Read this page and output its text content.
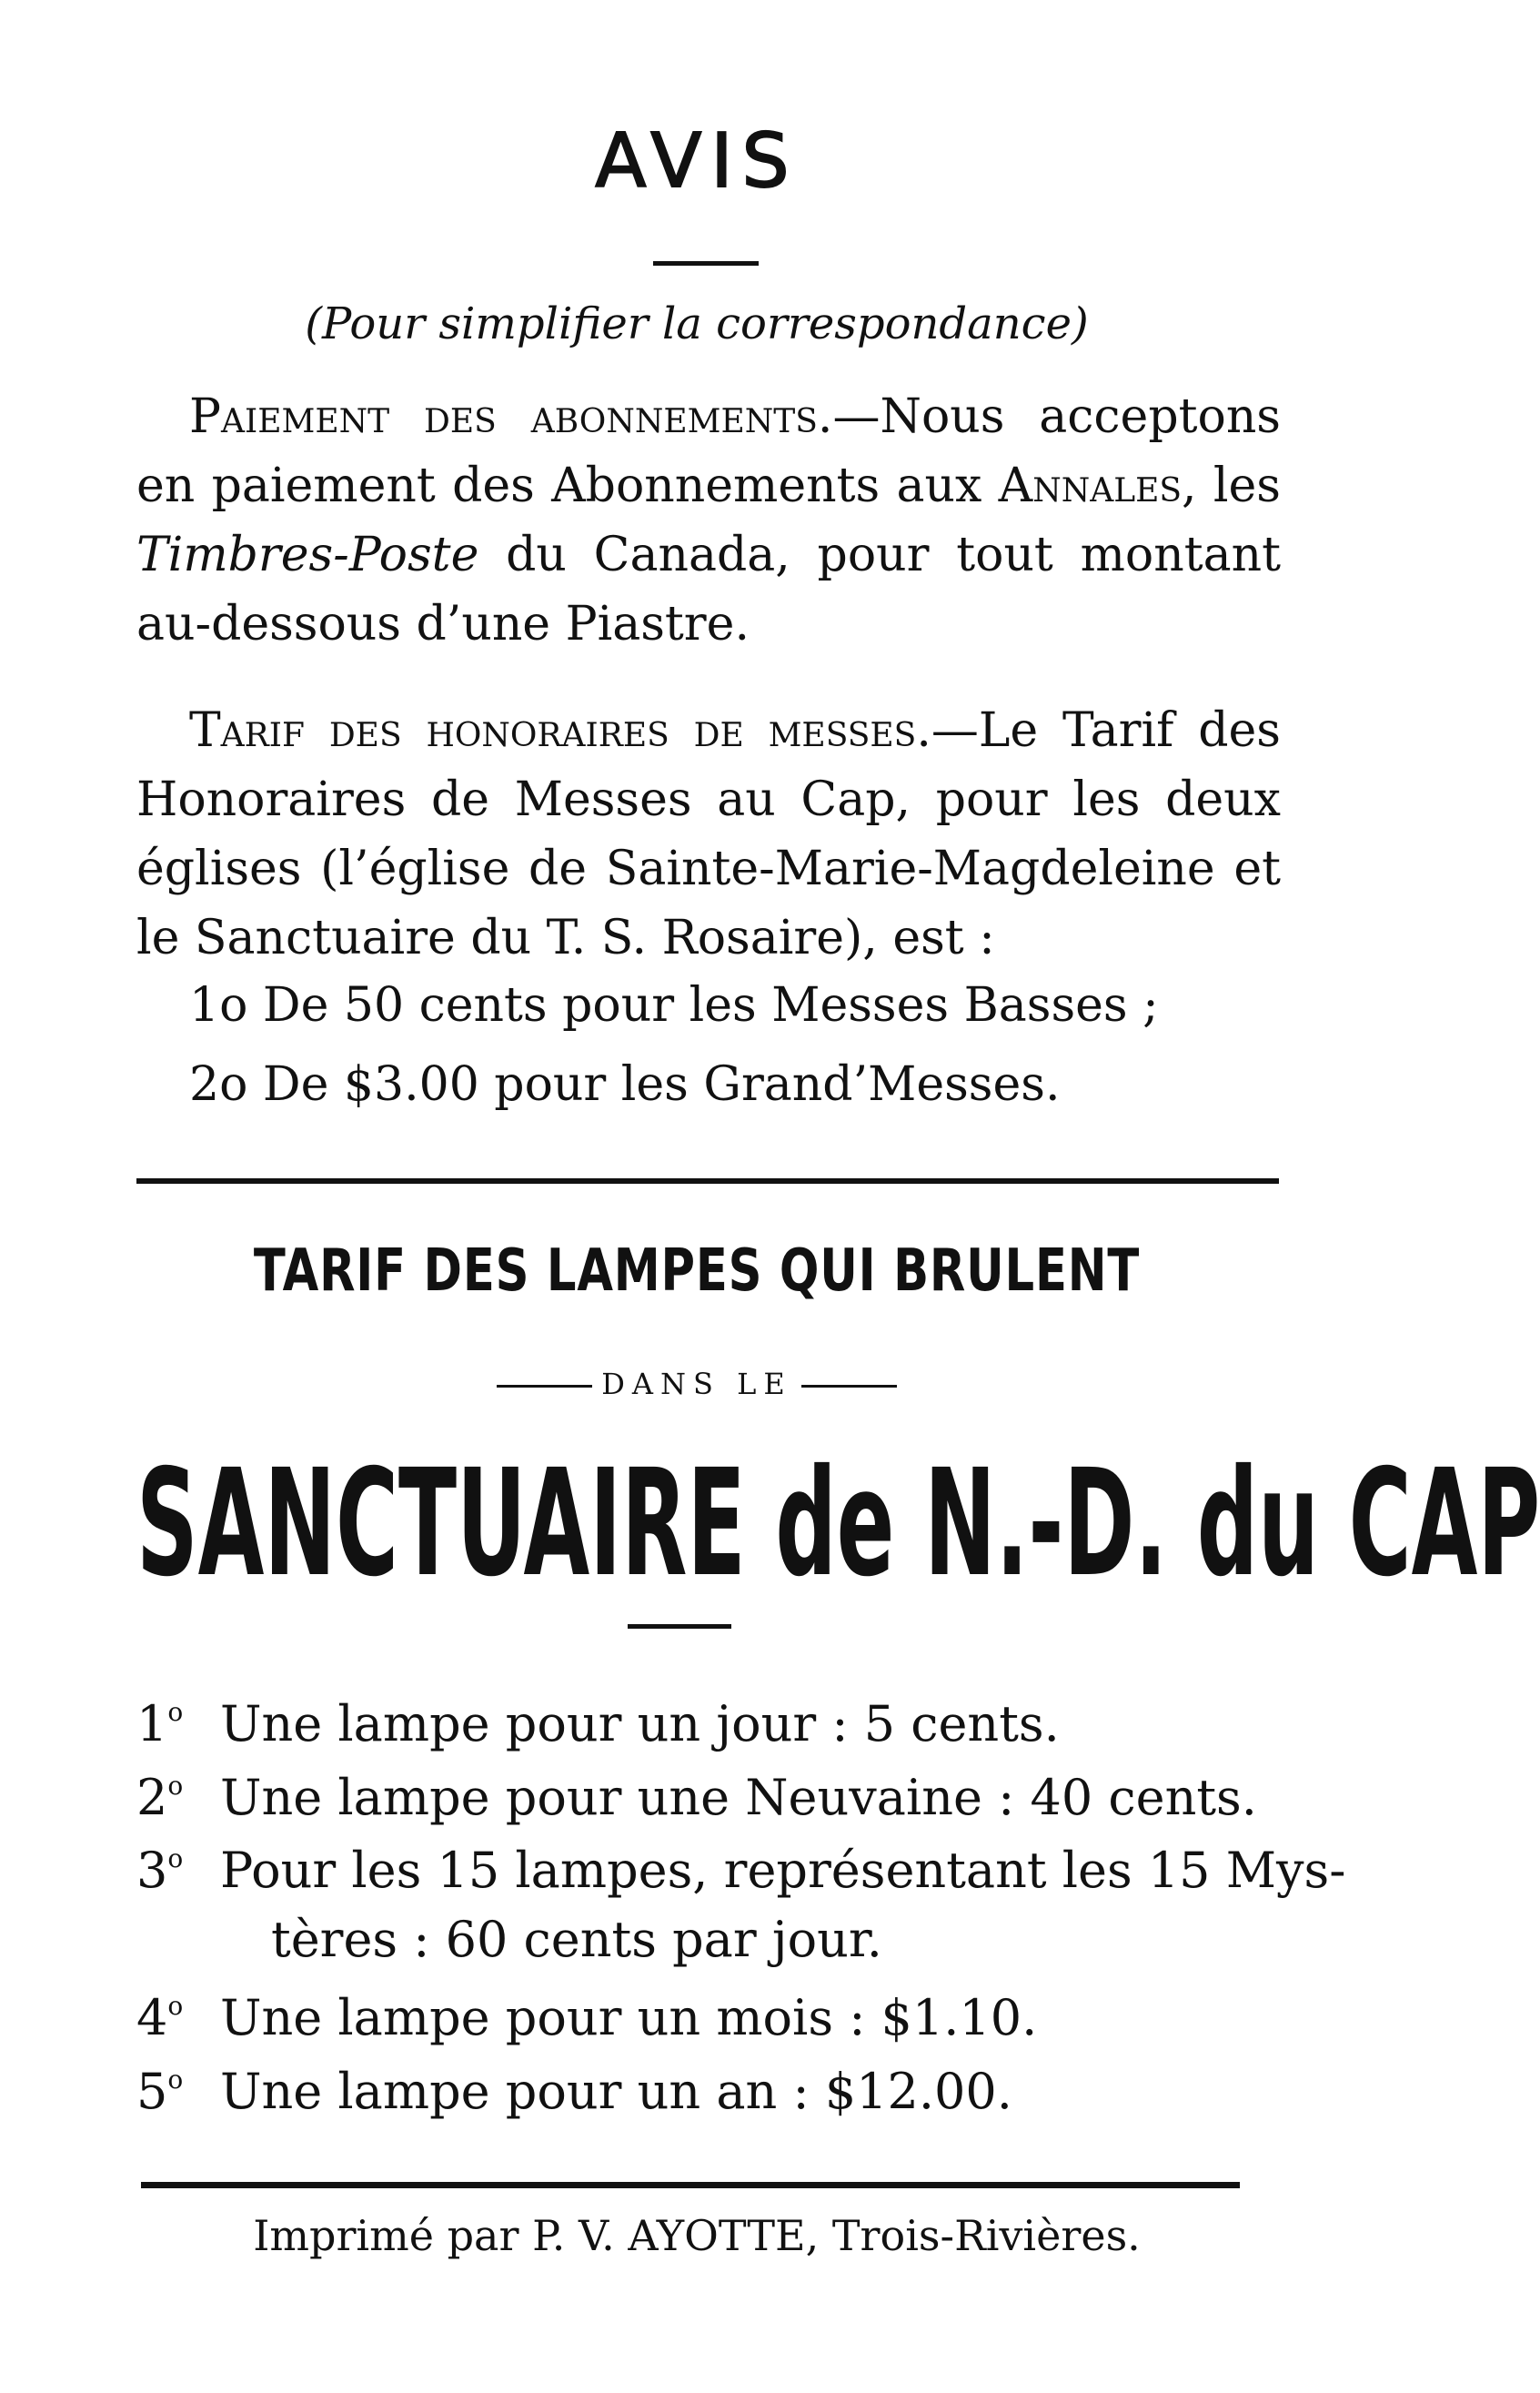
AVIS
(Pour simplifier la correspondance)
Paiement des abonnements.—Nous acceptons en paiement des Abonnements aux Annales, les Timbres-Poste du Canada, pour tout montant au-dessous d’une Piastre.
Tarif des honoraires de messes.—Le Tarif des Honoraires de Messes au Cap, pour les deux églises (l’église de Sainte-Marie-Magdeleine et le Sanctuaire du T. S. Rosaire), est :
1o De 50 cents pour les Messes Basses ;
2o De $3.00 pour les Grand’Messes.
TARIF DES LAMPES QUI BRULENT
DANS LE
SANCTUAIRE de N.-D. du CAP
1$^o$ Une lampe pour un jour : 5 cents.
2$^o$ Une lampe pour une Neuvaine : 40 cents.
3$^o$ Pour les 15 lampes, représentant les 15 Mys-
tères : 60 cents par jour.
4$^o$ Une lampe pour un mois : $1.10.
5$^o$ Une lampe pour un an : $12.00.
Imprimé par P. V. AYOTTE, Trois-Rivières.
